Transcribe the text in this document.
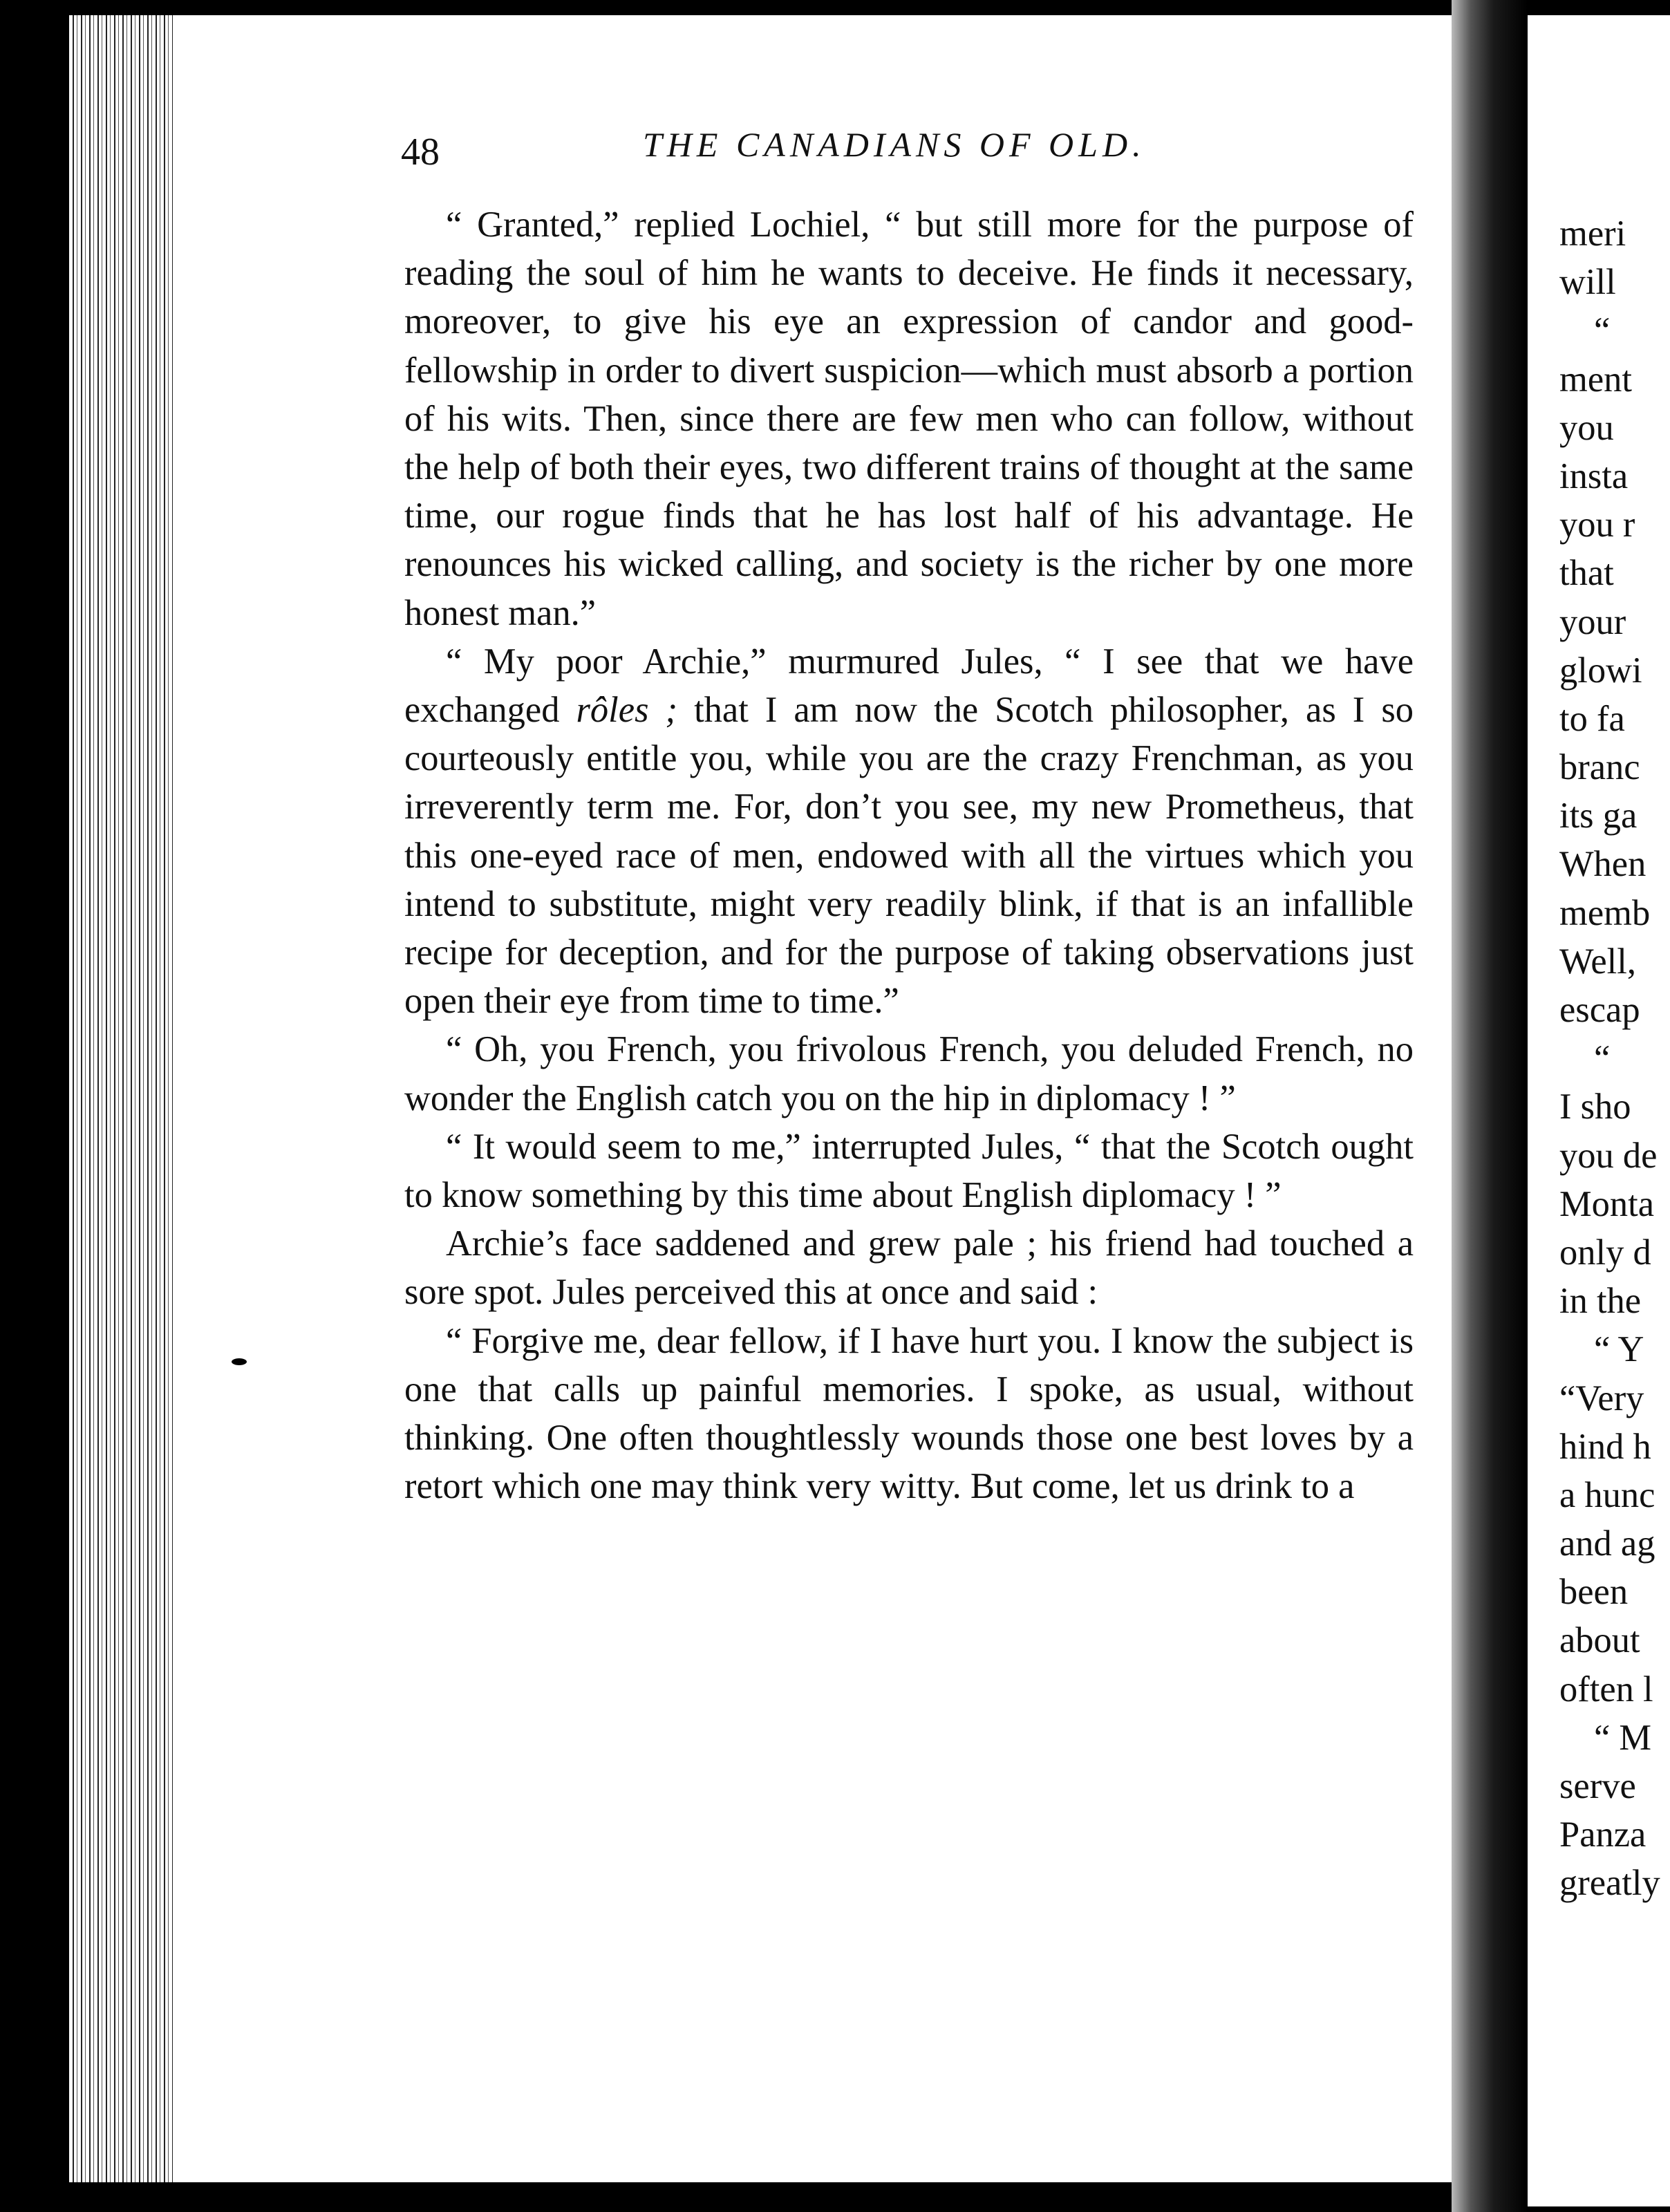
48	THE CANADIANS OF OLD.

“ Granted,” replied Lochiel, “ but still more for the purpose of reading the soul of him he wants to deceive. He finds it necessary, moreover, to give his eye an expression of candor and good-fellowship in order to divert suspicion—which must absorb a portion of his wits. Then, since there are few men who can follow, without the help of both their eyes, two different trains of thought at the same time, our rogue finds that he has lost half of his advantage. He renounces his wicked calling, and society is the richer by one more honest man.”

“ My poor Archie,” murmured Jules, “ I see that we have exchanged rôles ; that I am now the Scotch philosopher, as I so courteously entitle you, while you are the crazy Frenchman, as you irreverently term me. For, don’t you see, my new Prometheus, that this one-eyed race of men, endowed with all the virtues which you intend to substitute, might very readily blink, if that is an infallible recipe for deception, and for the purpose of taking observations just open their eye from time to time.”

“ Oh, you French, you frivolous French, you deluded French, no wonder the English catch you on the hip in diplomacy ! ”

“ It would seem to me,” interrupted Jules, “ that the Scotch ought to know something by this time about English diplomacy ! ”

Archie’s face saddened and grew pale ; his friend had touched a sore spot. Jules perceived this at once and said :

“ Forgive me, dear fellow, if I have hurt you. I know the subject is one that calls up painful memories. I spoke, as usual, without thinking. One often thoughtlessly wounds those one best loves by a retort which one may think very witty. But come, let us drink to a

meri
will
“
ment
you
insta
you r
that
your
glowi
to fa
branc
its ga
When
memb
Well,
escap
“
I sho
you de
Monta
only d
in the
“ Y
“Very
hind h
a hunc
and ag
been
about
often l
“ M
serve
Panza
greatly
